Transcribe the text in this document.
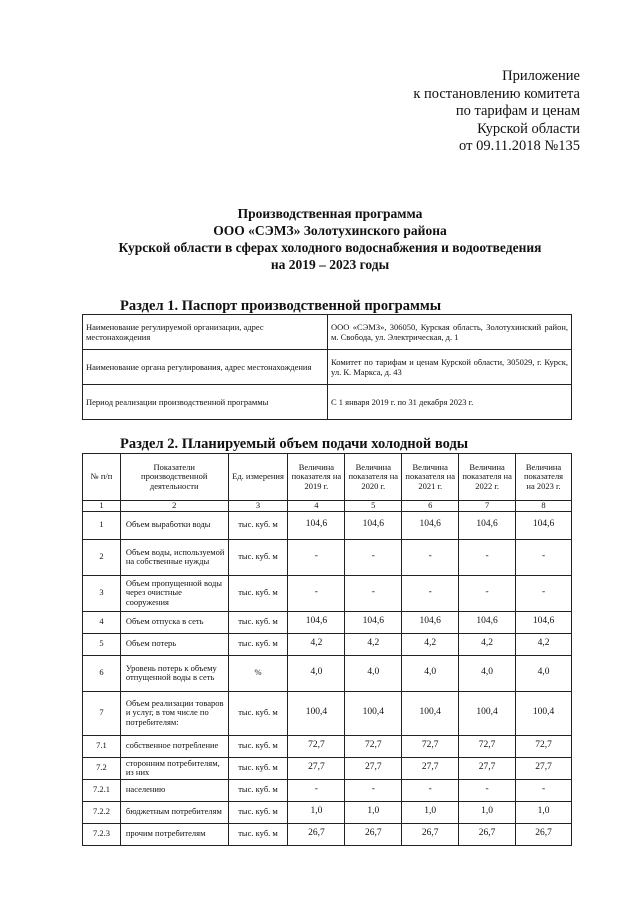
Приложение
к постановлению комитета
по тарифам и ценам
Курской области
от 09.11.2018 №135
Производственная программа
ООО «СЭМЗ» Золотухинского района
Курской области в сферах холодного водоснабжения и водоотведения
на 2019 – 2023 годы
Раздел 1. Паспорт производственной программы
Наименование регулируемой организации, адрес местонахождения	ООО «СЭМЗ», 306050, Курская область, Золотухинский район, м. Свобода, ул. Электрическая, д. 1
Наименование органа регулирования, адрес местонахождения	Комитет по тарифам и ценам Курской области, 305029, г. Курск, ул. К. Маркса, д. 43
Период реализации производственной программы	С 1 января 2019 г. по 31 декабря 2023 г.
Раздел 2. Планируемый объем подачи холодной воды
№ п/п	Показатели производственной деятельности	Ед. измерения	Величина показателя на 2019 г.	Величина показателя на 2020 г.	Величина показателя на 2021 г.	Величина показателя на 2022 г.	Величина показателя на 2023 г.
1	2	3	4	5	6	7	8
1	Объем выработки воды	тыс. куб. м	104,6	104,6	104,6	104,6	104,6
2	Объем воды, используемой на собственные нужды	тыс. куб. м	-	-	-	-	-
3	Объем пропущенной воды через очистные сооружения	тыс. куб. м	-	-	-	-	-
4	Объем отпуска в сеть	тыс. куб. м	104,6	104,6	104,6	104,6	104,6
5	Объем потерь	тыс. куб. м	4,2	4,2	4,2	4,2	4,2
6	Уровень потерь к объему отпущенной воды в сеть	%	4,0	4,0	4,0	4,0	4,0
7	Объем реализации товаров и услуг, в том числе по потребителям:	тыс. куб. м	100,4	100,4	100,4	100,4	100,4
7.1	собственное потребление	тыс. куб. м	72,7	72,7	72,7	72,7	72,7
7.2	сторонним потребителям, из них	тыс. куб. м	27,7	27,7	27,7	27,7	27,7
7.2.1	населению	тыс. куб. м	-	-	-	-	-
7.2.2	бюджетным потребителям	тыс. куб. м	1,0	1,0	1,0	1,0	1,0
7.2.3	прочим потребителям	тыс. куб. м	26,7	26,7	26,7	26,7	26,7
